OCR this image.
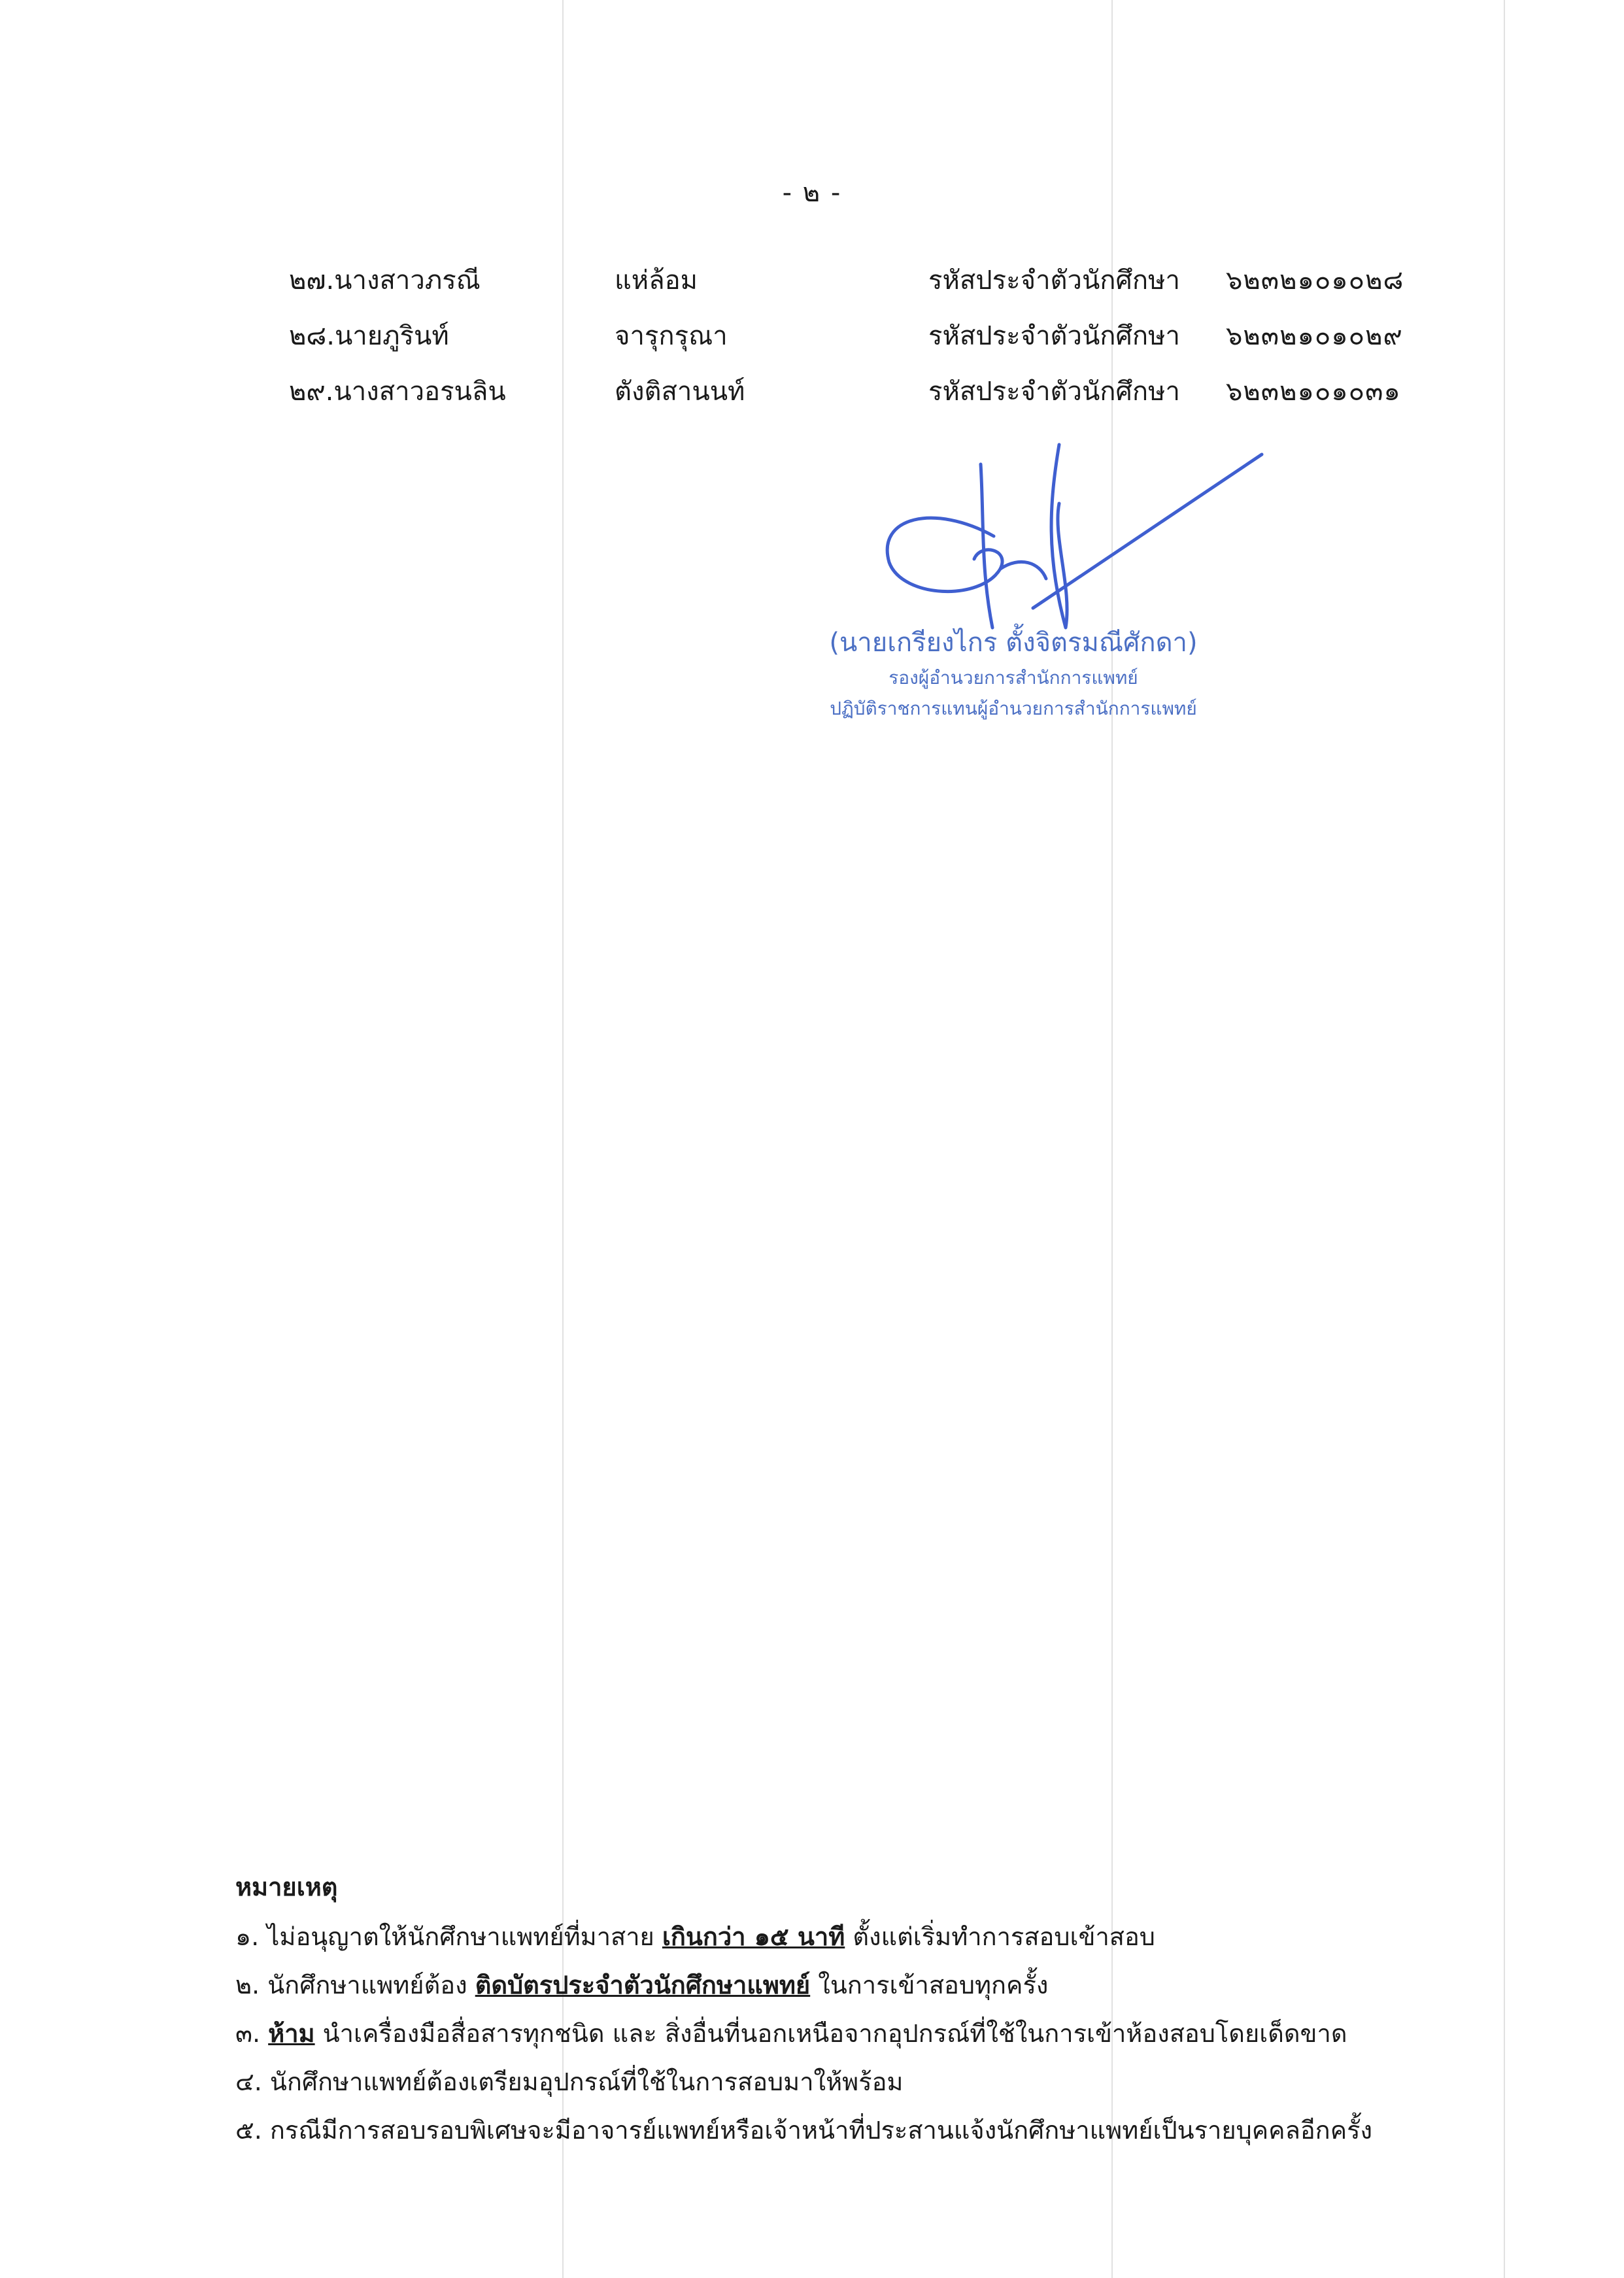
- ๒ -
๒๗.นางสาวภรณี	แห่ล้อม	รหัสประจำตัวนักศึกษา ๖๒๓๒๑๐๑๐๒๘
๒๘.นายภูรินท์	จารุกรุณา	รหัสประจำตัวนักศึกษา ๖๒๓๒๑๐๑๐๒๙
๒๙.นางสาวอรนลิน	ตังติสานนท์	รหัสประจำตัวนักศึกษา ๖๒๓๒๑๐๑๐๓๑
(นายเกรียงไกร ตั้งจิตรมณีศักดา)
รองผู้อำนวยการสำนักการแพทย์
ปฏิบัติราชการแทนผู้อำนวยการสำนักการแพทย์
หมายเหตุ
๑. ไม่อนุญาตให้นักศึกษาแพทย์ที่มาสาย เกินกว่า ๑๕ นาที ตั้งแต่เริ่มทำการสอบเข้าสอบ
๒. นักศึกษาแพทย์ต้อง ติดบัตรประจำตัวนักศึกษาแพทย์ ในการเข้าสอบทุกครั้ง
๓. ห้าม นำเครื่องมือสื่อสารทุกชนิด และ สิ่งอื่นที่นอกเหนือจากอุปกรณ์ที่ใช้ในการเข้าห้องสอบโดยเด็ดขาด
๔. นักศึกษาแพทย์ต้องเตรียมอุปกรณ์ที่ใช้ในการสอบมาให้พร้อม
๕. กรณีมีการสอบรอบพิเศษจะมีอาจารย์แพทย์หรือเจ้าหน้าที่ประสานแจ้งนักศึกษาแพทย์เป็นรายบุคคลอีกครั้ง
